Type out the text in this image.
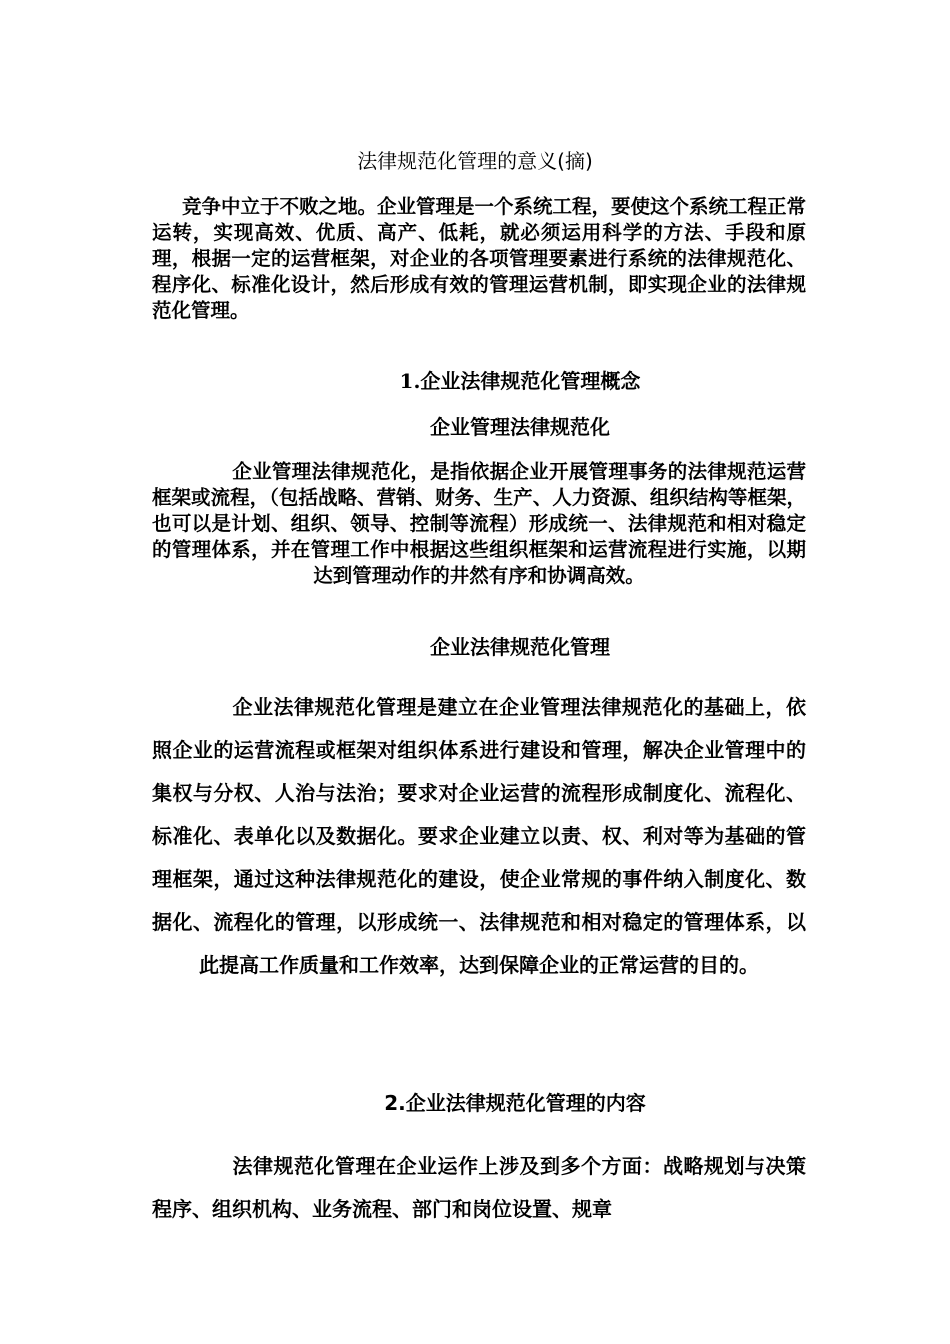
法律规范化管理的意义(摘)
竞争中立于不败之地。企业管理是一个系统工程，要使这个系统工程正常运转，实现高效、优质、高产、低耗，就必须运用科学的方法、手段和原理，根据一定的运营框架，对企业的各项管理要素进行系统的法律规范化、程序化、标准化设计，然后形成有效的管理运营机制，即实现企业的法律规范化管理。
1.企业法律规范化管理概念
企业管理法律规范化
企业管理法律规范化，是指依据企业开展管理事务的法律规范运营框架或流程，（包括战略、营销、财务、生产、人力资源、组织结构等框架，也可以是计划、组织、领导、控制等流程）形成统一、法律规范和相对稳定的管理体系，并在管理工作中根据这些组织框架和运营流程进行实施，以期达到管理动作的井然有序和协调高效。
企业法律规范化管理
企业法律规范化管理是建立在企业管理法律规范化的基础上，依照企业的运营流程或框架对组织体系进行建设和管理，解决企业管理中的集权与分权、人治与法治；要求对企业运营的流程形成制度化、流程化、标准化、表单化以及数据化。要求企业建立以责、权、利对等为基础的管理框架，通过这种法律规范化的建设，使企业常规的事件纳入制度化、数据化、流程化的管理，以形成统一、法律规范和相对稳定的管理体系，以此提高工作质量和工作效率，达到保障企业的正常运营的目的。
2.企业法律规范化管理的内容
法律规范化管理在企业运作上涉及到多个方面：战略规划与决策程序、组织机构、业务流程、部门和岗位设置、规章
